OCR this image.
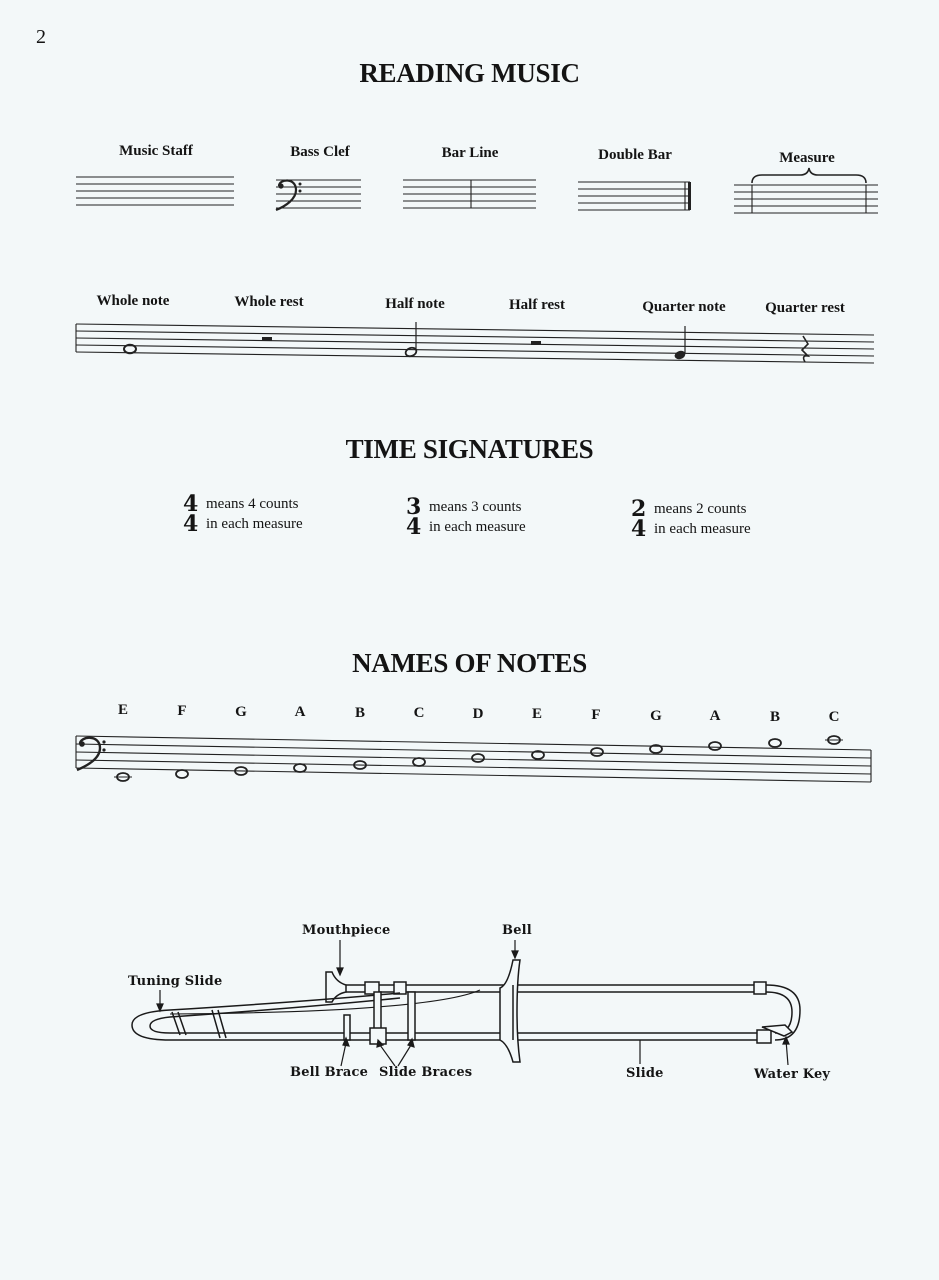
2
READING MUSIC
Music Staff	Bass Clef	Bar Line	Double Bar	Measure
Whole note	Whole rest	Half note	Half rest	Quarter note	Quarter rest
TIME SIGNATURES
4
4
means 4 counts
in each measure
3
4
means 3 counts
in each measure
2
4
means 2 counts
in each measure
NAMES OF NOTES
E	F	G	A	B	C	D	E	F	G	A	B	C
Mouthpiece	Bell
Tuning Slide
Bell Brace Slide Braces	Slide	Water Key
